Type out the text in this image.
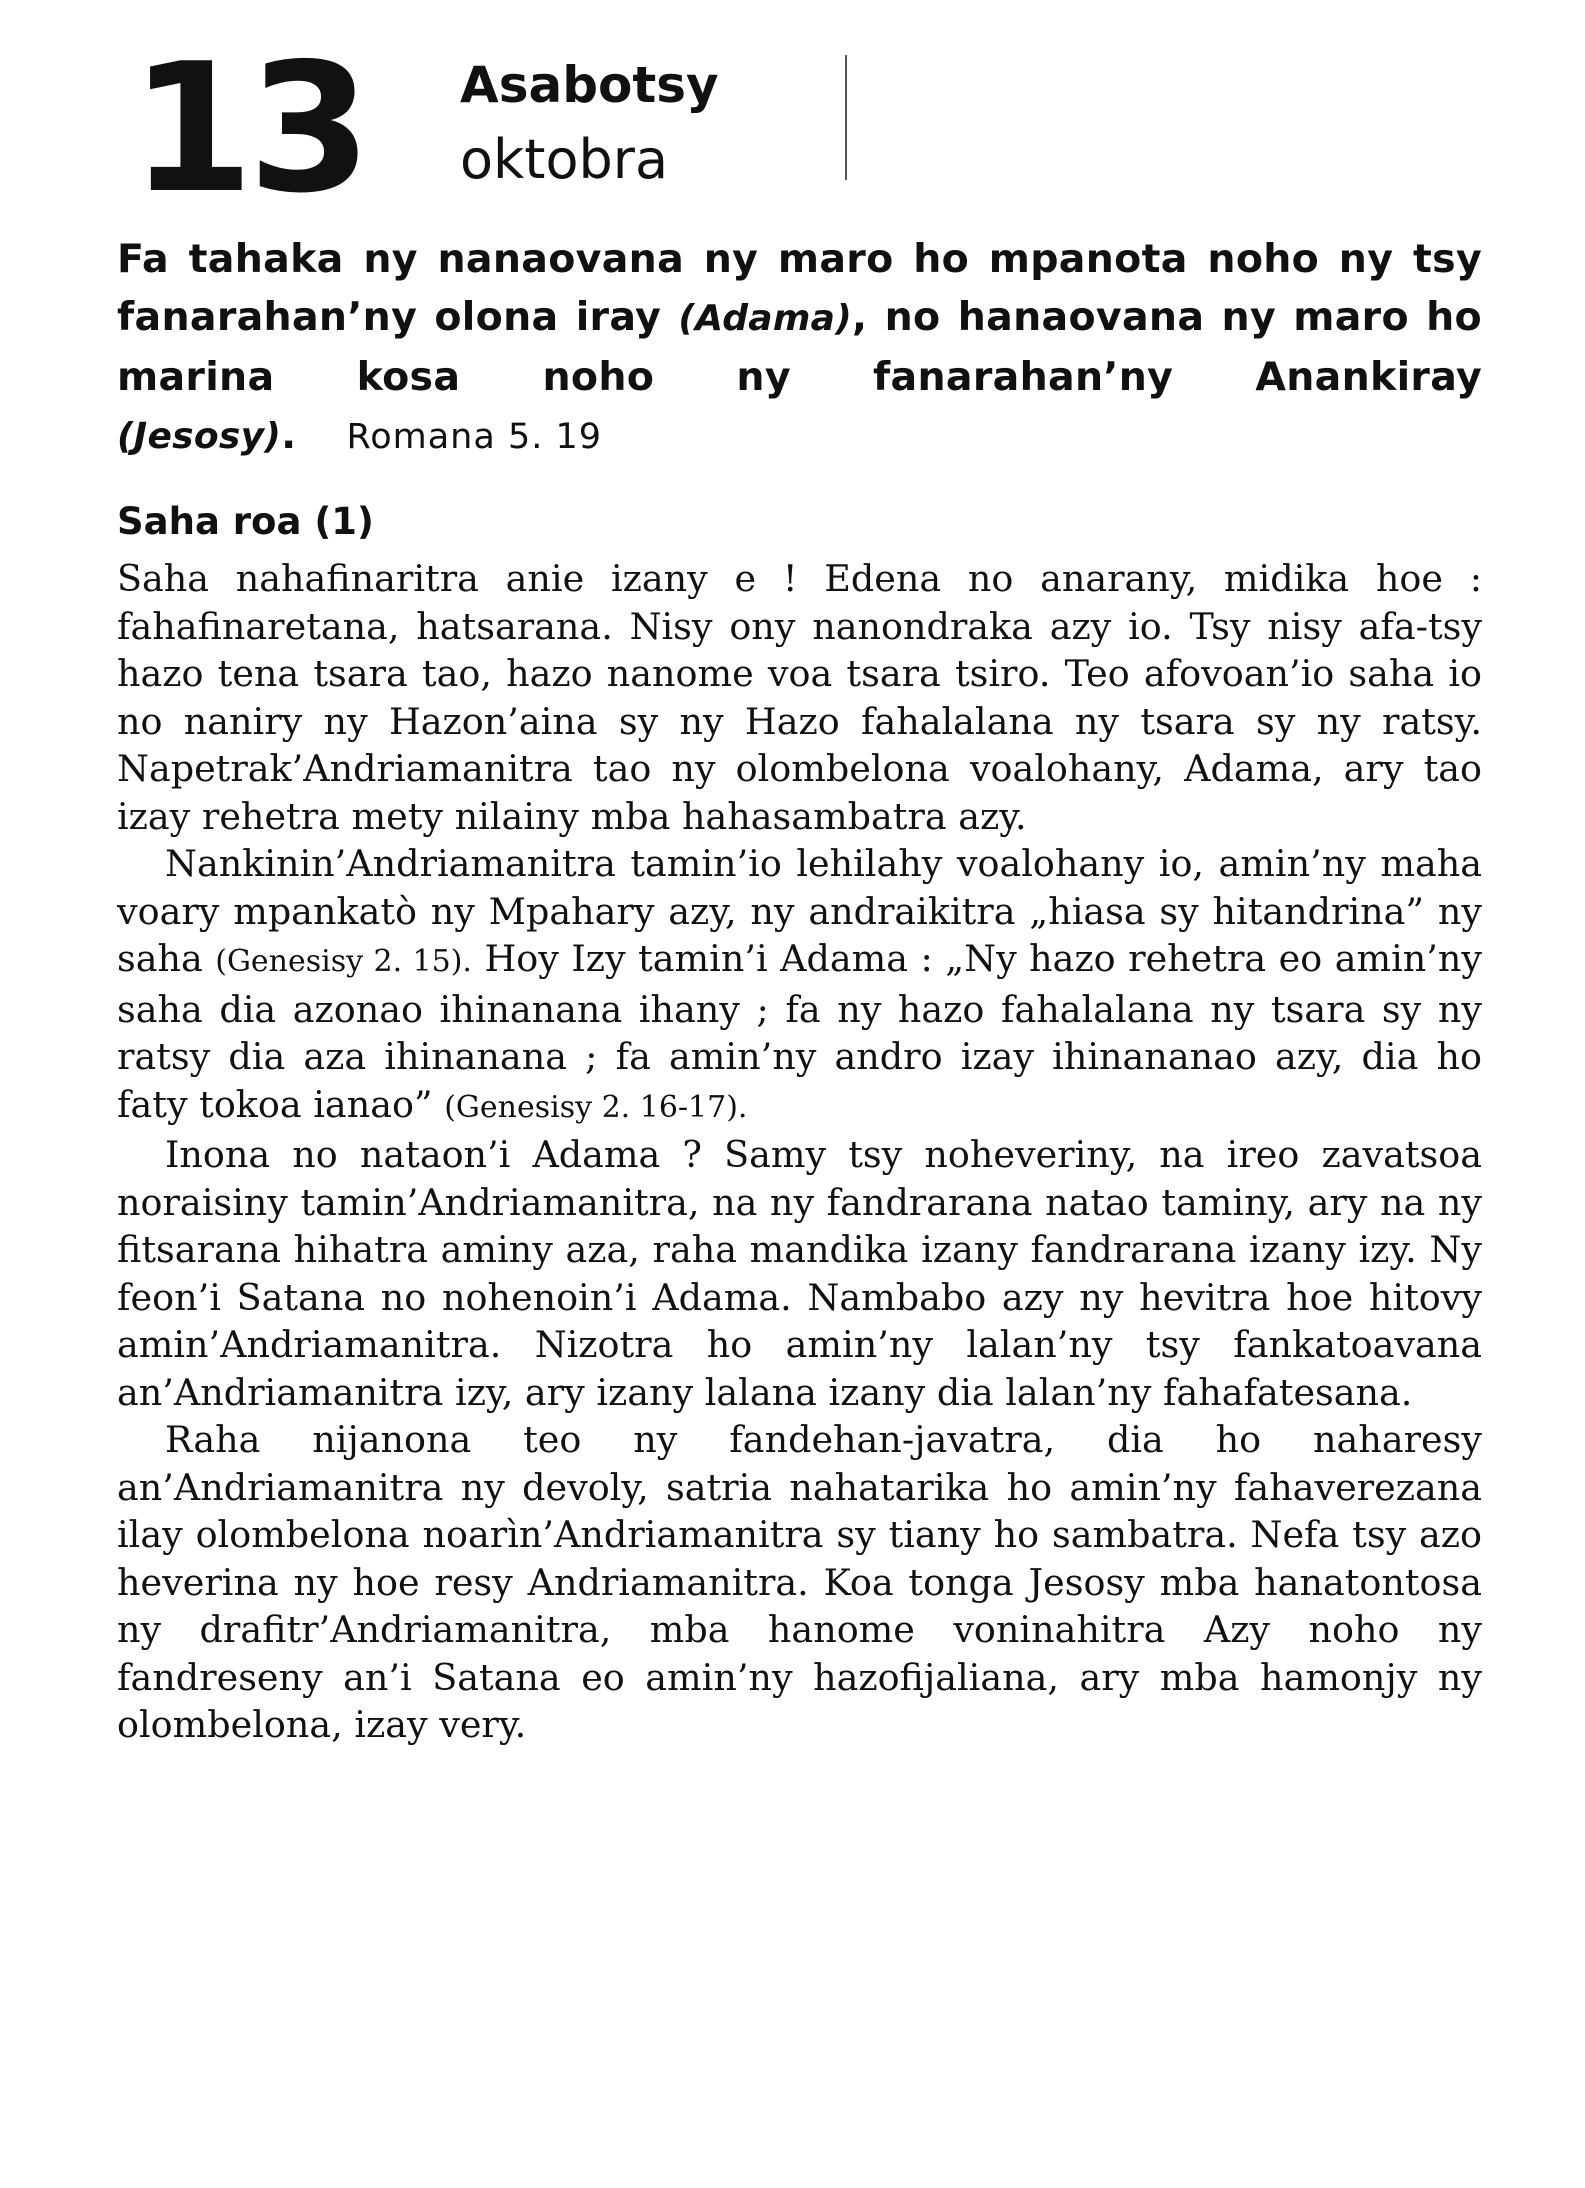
13 Asabotsy
oktobra
Fa tahaka ny nanaovana ny maro ho mpanota noho ny tsy fanarahan’ny olona iray (Adama), no hanaovana ny maro ho marina kosa noho ny fanarahan’ny Anankiray (Jesosy). Romana 5. 19
Saha roa (1)

Saha nahafinaritra anie izany e ! Edena no anarany, midika hoe : fahafinaretana, hatsarana. Nisy ony nanondraka azy io. Tsy nisy afa-tsy hazo tena tsara tao, hazo nanome voa tsara tsiro. Teo afovoan’io saha io no naniry ny Hazon’aina sy ny Hazo fahalalana ny tsara sy ny ratsy. Napetrak’Andriamanitra tao ny olombelona voalohany, Adama, ary tao izay rehetra mety nilainy mba hahasambatra azy.

Nankinin’Andriamanitra tamin’io lehilahy voalohany io, amin’ny maha voary mpankatò ny Mpahary azy, ny andraikitra „hiasa sy hitandrina” ny saha (Genesisy 2. 15). Hoy Izy tamin’i Adama : „Ny hazo rehetra eo amin’ny saha dia azonao ihinanana ihany ; fa ny hazo fahalalana ny tsara sy ny ratsy dia aza ihinanana ; fa amin’ny andro izay ihinananao azy, dia ho faty tokoa ianao” (Genesisy 2. 16-17).

Inona no nataon’i Adama ? Samy tsy noheveriny, na ireo zavatsoa noraisiny tamin’Andriamanitra, na ny fandrarana natao taminy, ary na ny fitsarana hihatra aminy aza, raha mandika izany fandrarana izany izy. Ny feon’i Satana no nohenoin’i Adama. Nambabo azy ny hevitra hoe hitovy amin’Andriamanitra. Nizotra ho amin’ny lalan’ny tsy fankatoavana an’Andriamanitra izy, ary izany lalana izany dia lalan’ny fahafatesana.

Raha nijanona teo ny fandehan-javatra, dia ho naharesy an’Andriamanitra ny devoly, satria nahatarika ho amin’ny fahaverezana ilay olombelona noarìn’Andriamanitra sy tiany ho sambatra. Nefa tsy azo heverina ny hoe resy Andriamanitra. Koa tonga Jesosy mba hanatontosa ny drafitr’Andriamanitra, mba hanome voninahitra Azy noho ny fandreseny an’i Satana eo amin’ny hazofijaliana, ary mba hamonjy ny olombelona, izay very.
